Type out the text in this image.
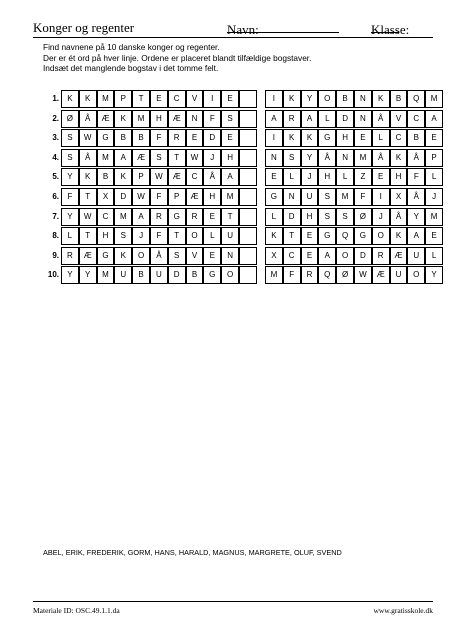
Konger og regenter	Navn:	Klasse:
Find navnene på 10 danske konger og regenter.
Der er ét ord på hver linje. Ordene er placeret blandt tilfældige bogstaver.
Indsæt det manglende bogstav i det tomme felt.
1.	K	K	M	P	T	E	C	V	I	E	I	K	Y	O	B	N	K	B	Q	M
2. Ø	Å	Æ	K	M	H	Æ	N	F	S	A	R	A	L	D	N	Å	V	C	A
3.	S	W	G	B	B	F	R	E	D	E	I	K	K	G	H	E	L	C	B	E
4.	S	Å	M	A	Æ	S	T	W	J	H	N	S	Y	Å	N	M	Å	K	Å	P
5.	Y	K	B	K	P	W	Æ	C	Å	A	E	L	J	H	L	Z	E	H	F	L
6.	F	T	X	D	W	F	P	Æ	H	M	G	N	U	S	M	F	I	X	Å	J
7.	Y	W	C	M	A	R	G	R	E	T	L	D	H	S	S	Ø	J	Å	Y	M
8.	L	T	H	S	J	F	T	O	L	U	K	T	E	G	Q	G	O	K	A	E
9.	R	Æ	G	K	O	Å	S	V	E	N	X	C	E	A	O	D	R	Æ	U	L
10.	Y	Y	M	U	B	U	D	B	G	O	M	F	R	Q	Ø	W	Æ	U	O	Y
ABEL, ERIK, FREDERIK, GORM, HANS, HARALD, MAGNUS, MARGRETE, OLUF, SVEND
Materiale ID: OSC.49.1.1.da	www.gratisskole.dk
